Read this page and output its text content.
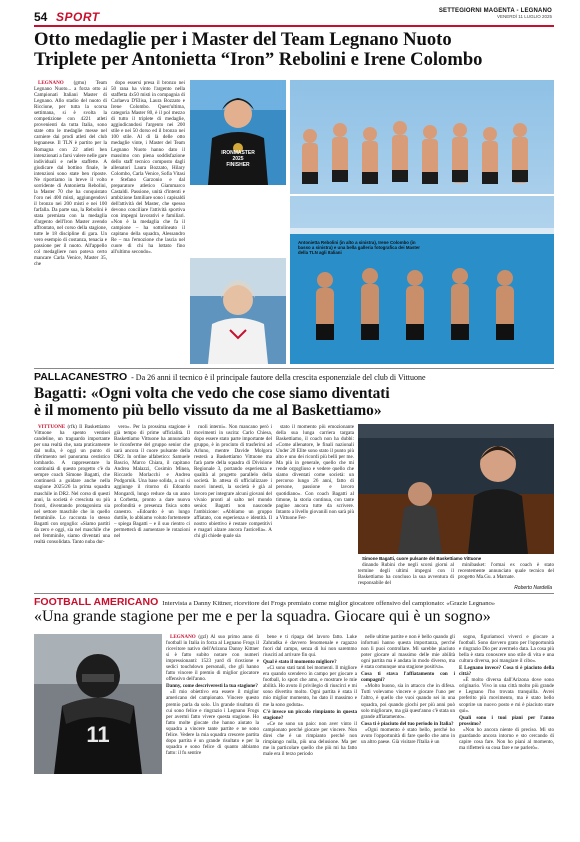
54 SPORT	SETTEGIORNI MAGENTA - LEGNANO
VENERDÌ 11 LUGLIO 2025
Otto medaglie per i Master del Team Legnano Nuoto
Triplete per Antonietta “Iron” Rebolini e Irene Colombo

LEGNANO (gmu) Team Legnano Nuoto... a forza otto ai Campionati Italiani Master di Legnano. Allo stadio del nuoto di Riccione, per tutta la scorsa settimana, si è svolta la competizione con 4221 atleti provenienti da tutta Italia, sono state otto le medaglie messe nel carniere dai prodi atleti del club legnanese. Il TLN è partito per la Romagna con 22 atleti ben intenzionati a farsi valere nelle gare individuali e nelle staffette. A giudicare dal bottino finale, le intenzioni sono state ben riposte. Ne riportiamo in breve il volto sorridente di Antonietta Rebolini, la Master 70 che ha conquistato l'oro nei 400 misti, aggiungendovi il bronzo nei 200 misti e nei 100 farfalla. Da parte sua, la Rebolini è stata premiata con la medaglia d'argento dell'Iron Master avendo affrontato, nel corso della stagione, tutte le 18 discipline di gara. Un vero esempio di costanza, tenacia e passione per il nuoto. All'appello col medagliere non poteva certo mancare Carla Venice, Master 35, che

dopo essersi presa il bronzo nei 50 rana ha vinto l'argento nella staffetta 4x50 misti in compagnia di Carlaeva D'Elisa, Laura Bozzato e Irene Colombo. Quest'ultima, categoria Master 80, è il pol mezzo di tutto il triplete di medaglie, aggiudicandosi l'argento nei 200 stile e nei 50 dorso ed il bronzo nei 100 stile. Al di là delle otto medaglie vinte, i Master del Team Legnano Nuoto hanno dato il massimo con piena soddisfazione dello staff tecnico composto dagli allenatori Laura Bozzato, Hilary Colombo, Carla Venice, Sofia Vitasi e Stefano Garzonio e dal preparatore atletico Giammarco Castaldi. Passione, unità d'intenti e ambizione familiare sono i capisaldi dell'attività del Master, che spesso devono conciliare l'attività sportiva con impegni lavorativi e familiari. «Non è la medaglia che fa il campione – ha sottolineato il capitano della squadra, Alessandro Re – ma l'emozione che lascia nel cuore di chi ha lottato fino all'ultimo secondo».

IRONMASTER
2025
FINISHER
Antonietta Rebolini (in alto a sinistra), Irene Colombo (in basso a sinistra) e una bella galleria fotografica dei Master della TLN agli Italiani
PALLACANESTRO - Da 26 anni il tecnico è il principale fautore della crescita esponenziale del club di Vittuone
Bagatti: «Ogni volta che vedo che cose siamo diventati
è il momento più bello vissuto da me al Baskettiamo»

VITTUONE (rfk) Il Baskettiamo Vittuone ha spento ventisei candeline, un traguardo importante per una realtà che, nata praticamente dal nulla, è oggi un punto di riferimento nel panorama cestistico lombardo. A rappresentare la continuità di questo progetto c'è da sempre coach Simone Bagatti, che continuerà a guidare anche nella stagione 2025/26 la prima squadra maschile in DR2. Nel corso di questi anni, la società è cresciuta su più fronti, diventando protagonista sia nel settore maschile che in quello femminile. Lo racconta lo stesso Bagatti con orgoglio: «Siamo partiti da zero e oggi, sia nel maschile che nel femminile, siamo diventati una realtà consolidata. Tanto nuba dur-

vero». Per la prossima stagione è già tempo di prime ufficialità. Il Baskettiamo Vittuone ha annunciato le riconferme del gruppo senior che sarà ancora il cuore pulsante della DR2. In ordine alfabetico: Samuele Bascio, Marco Chiara, il capitano Andrea Malazzi, Cosimin Minea, Riccardo Morlacchi e Andrea Podgornik. Una base solida, a cui si aggiunge il ritorno di Edoardo Mongardi, lungo reduce da un anno a Corbetta, pronto a dare nuova profondità e presenza fisica sotto canestro. «Edoardo è un lungo duttile, lo abbiamo voluto fortemente – spiega Bagatti – e il suo rientro ci permetterà di aumentare le rotazioni nel

ruoli interni». Non mancano però i movimenti in uscita: Carlo Chiesa, dopo essere stato parte importante del gruppo, è in procinto di trasferirsi ad Arluno, mentre Davide Molgora resterà a Baskettiamo Vittuone ma farà parte della squadra di Divisione Regionale 3, portando esperienza e qualità al progetto parallelo della società. In attesa di ufficializzare i nuovi innesti, la società è già al lavoro per integrare alcuni giovani del vivaio pronti al salto nel mondo senior. Bagatti non nasconde l'ambizione: «Abbiamo un gruppo affiatato, con esperienza e identità. Il nostro obiettivo è restare competitivi e magari alzare ancora l'asticella». A chi gli chiede quale sia

stato il momento più emozionante della sua lunga carriera targata Baskettiamo, il coach non ha dubbi: «Come allenatore, le finali nazionali Under 20 Elite sono stato il punto più alto e uno dei ricordi più belli per me. Ma più in generale, quello che mi rende orgoglioso e vedere quello che siamo diventati come società: un percorso lungo 26 anni, fatto di persone, passione e lavoro quotidiano». Con coach Bagatti al timone, la storia continua, con tante pagine ancora tutte da scrivere. Intanto a livello giovanili non sarà più a Vittuone Fer-

Simone Bagatti, cuore pulsante del Baskettiamo Vittuone

dinando Rubini che negli scorsi giorni al termine degli ultimi impegni con il Baskettiamo ha concluso la sua avventura di responsabile del

minibasket: l'ormai ex coach è stato recentemente annunciato quale tecnico del progetto Ma.Gu. a Marnate.

Roberto Nardella
FOOTBALL AMERICANO Intervista a Danny Kittner, ricevitore dei Frogs premiato come miglior giocatore offensivo del campionato: «Grazie Legnano»
«Una grande stagione per me e per la squadra. Giocare qui è un sogno»
11

LEGNANO (gzl) Al suo primo anno di football in Italia in forza al Legnano Frogs il ricevitore nativo dell'Arizona Danny Kittner si è fatto subito notare con numeri impressionanti: 1523 yard di ricezione e sedici touchdown personali, che gli hanno fatto vincere il premio di miglior giocatore offensivo dell'anno.

Danny, come descriveresti la tua stagione?

«Il mio obiettivo era essere il miglior americano del campionato. Vincere questo premio parla da solo. Un grande risultato di cui sono felice e ringrazio i Legnano Frogs per avermi fatto vivere questa stagione. Ho fatto molte giocate che hanno aiutato la squadra a vincere tante partite e ne sono felice. Vedere la mia squadra crescere partita dopo partita è un grande risultato e per la squadra e sono felice di quanto abbiamo fatto: il fu sentire

bene e ti ripaga del lavoro fatto. Luke Zahradka è davvero fenomenale e ragazzo fuori dal campo, senza di lui non saremmo riusciti ad arrivare fin qui.

Qual è stato il momento migliore?

«Ci sono stati tanti bei momenti. Il migliore era quando scendevo in campo per giocare a football, lo sport che amo, e mostrare le mie abilità. Ho avuto il privilegio di riuscirci e mi sono divertito molto. Ogni partita è stata il mio miglior momento, ho dato il massimo e me la sono goduta».

C'è invece un piccolo rimpianto in questa stagione?

«Ce ne sono un paio: non aver vinto il campionato perché giocare per vincere. Non direi che è un rimpianto perché non rimpiango nulla, più una delusione. Ma per me in particolare quello che più mi ha fatto male era il terzo periodo

nelle ultime partite e non è bello quando gli infortuni hanno questa importanza, perché non li puoi controllare. Mi sarebbe piaciuto poter giocare al massimo delle mie abilità ogni partita ma è andata in modo diverso, ma è stata comunque una stagione positiva».

Cosa ti stava l'affiatamento con i compagni?

«Molto buono, sia in attacco che in difesa. Tutti volevamo vincere e giocare l'uno per l'altro, è quello che vuoi quando sei in una squadra, poi quando giochi per più anni può solo migliorare, ma già quest'anno c'è stata un grande affiatamento».

Cosa ti è piaciuto del tuo periodo in Italia?

«Ogni momento è stato bello, perché ho avuto l'opportunità di fare quello che amo in un altro paese. Già visitare l'Italia è un

sogno, figuriamoci viverci e giocare a football. Sono davvero grato per l'opportunità e ringrazio Dio per avermelo data. La cosa più bella è stata conoscere uno stile di vita e una cultura diversa, poi mangiare il cibo».

E Legnano invece? Cosa ti è piaciuto della città?

«È molto diversa dall'Arizona dove sono originario. Vivo in una città molto più grande e Legnano l'ho trovata tranquilla. Avrei preferito più movimento, ma è stato bello scoprire un nuovo posto e mi è piaciuto stare qui».

Quali sono i tuoi piani per l'anno prossimo?

«Non ho ancora niente di preciso. Mi sto guardando ancora intorno e sto cercando di capire cosa fare. Non ho piani al momento, ma rifletterò su cosa fare e ne parlerò».
